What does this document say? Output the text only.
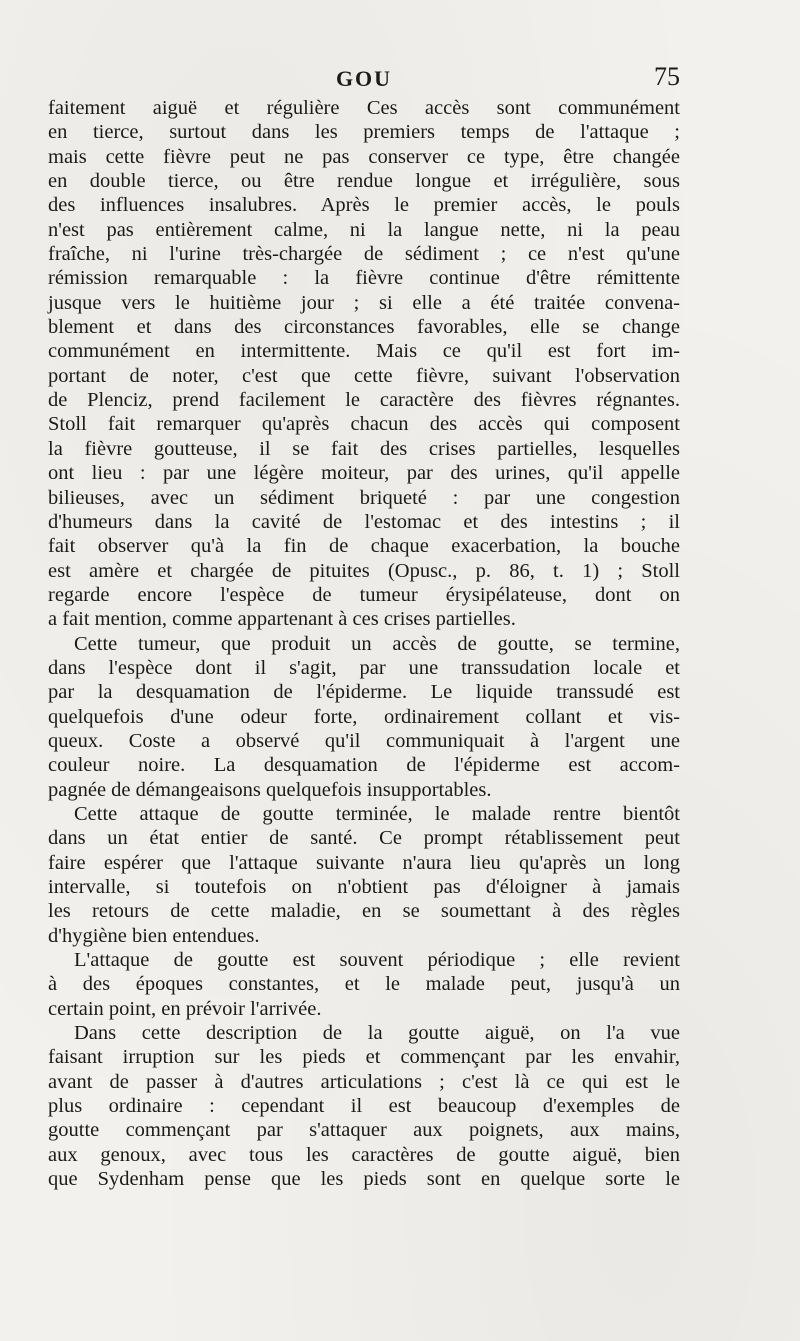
GOU	75
faitement aiguë et régulière Ces accès sont communément
en tierce, surtout dans les premiers temps de l'attaque ;
mais cette fièvre peut ne pas conserver ce type, être changée
en double tierce, ou être rendue longue et irrégulière, sous
des influences insalubres. Après le premier accès, le pouls
n'est pas entièrement calme, ni la langue nette, ni la peau
fraîche, ni l'urine très-chargée de sédiment ; ce n'est qu'une
rémission remarquable : la fièvre continue d'être rémittente
jusque vers le huitième jour ; si elle a été traitée convena-
blement et dans des circonstances favorables, elle se change
communément en intermittente. Mais ce qu'il est fort im-
portant de noter, c'est que cette fièvre, suivant l'observation
de Plenciz, prend facilement le caractère des fièvres régnantes.
Stoll fait remarquer qu'après chacun des accès qui composent
la fièvre goutteuse, il se fait des crises partielles, lesquelles
ont lieu : par une légère moiteur, par des urines, qu'il appelle
bilieuses, avec un sédiment briqueté : par une congestion
d'humeurs dans la cavité de l'estomac et des intestins ; il
fait observer qu'à la fin de chaque exacerbation, la bouche
est amère et chargée de pituites (Opusc., p. 86, t. 1) ; Stoll
regarde encore l'espèce de tumeur érysipélateuse, dont on
a fait mention, comme appartenant à ces crises partielles.
Cette tumeur, que produit un accès de goutte, se termine,
dans l'espèce dont il s'agit, par une transsudation locale et
par la desquamation de l'épiderme. Le liquide transsudé est
quelquefois d'une odeur forte, ordinairement collant et vis-
queux. Coste a observé qu'il communiquait à l'argent une
couleur noire. La desquamation de l'épiderme est accom-
pagnée de démangeaisons quelquefois insupportables.
Cette attaque de goutte terminée, le malade rentre bientôt
dans un état entier de santé. Ce prompt rétablissement peut
faire espérer que l'attaque suivante n'aura lieu qu'après un long
intervalle, si toutefois on n'obtient pas d'éloigner à jamais
les retours de cette maladie, en se soumettant à des règles
d'hygiène bien entendues.
L'attaque de goutte est souvent périodique ; elle revient
à des époques constantes, et le malade peut, jusqu'à un
certain point, en prévoir l'arrivée.
Dans cette description de la goutte aiguë, on l'a vue
faisant irruption sur les pieds et commençant par les envahir,
avant de passer à d'autres articulations ; c'est là ce qui est le
plus ordinaire : cependant il est beaucoup d'exemples de
goutte commençant par s'attaquer aux poignets, aux mains,
aux genoux, avec tous les caractères de goutte aiguë, bien
que Sydenham pense que les pieds sont en quelque sorte le
